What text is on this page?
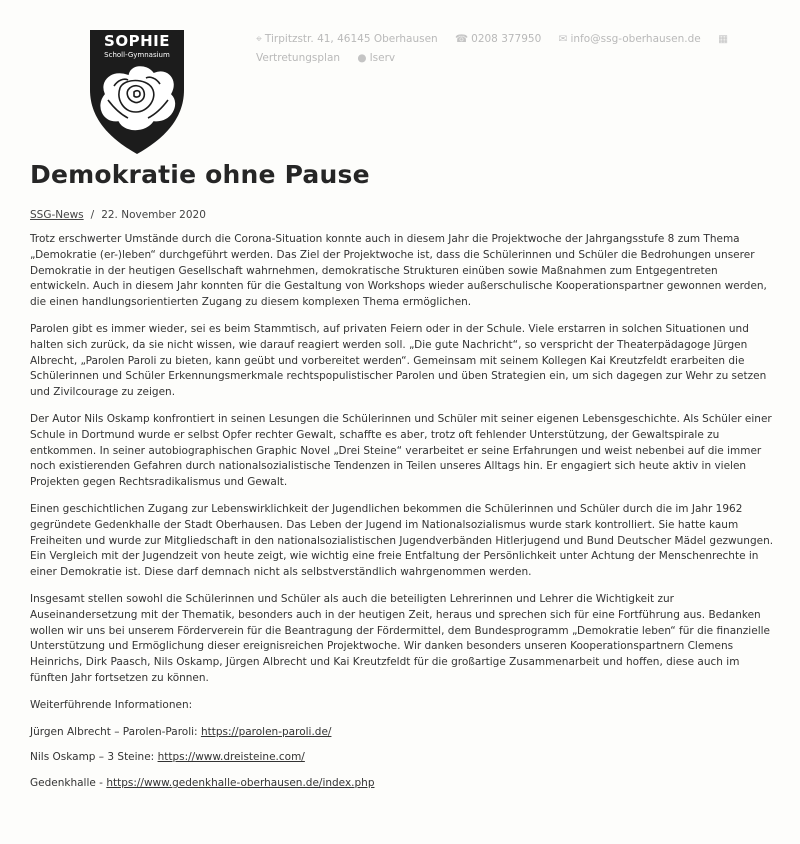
SOPHIE
Scholl-Gymnasium
⌖ Tirpitzstr. 41, 46145 Oberhausen ☎ 0208 377950 ✉ info@ssg-oberhausen.de ▦
Vertretungsplan ● Iserv
Demokratie ohne Pause
SSG-News / 22. November 2020

Trotz erschwerter Umstände durch die Corona-Situation konnte auch in diesem Jahr die Projektwoche der Jahrgangsstufe 8 zum Thema „Demokratie (er-)leben“ durchgeführt werden. Das Ziel der Projektwoche ist, dass die Schülerinnen und Schüler die Bedrohungen unserer Demokratie in der heutigen Gesellschaft wahrnehmen, demokratische Strukturen einüben sowie Maßnahmen zum Entgegentreten entwickeln. Auch in diesem Jahr konnten für die Gestaltung von Workshops wieder außerschulische Kooperationspartner gewonnen werden, die einen handlungsorientierten Zugang zu diesem komplexen Thema ermöglichen.

Parolen gibt es immer wieder, sei es beim Stammtisch, auf privaten Feiern oder in der Schule. Viele erstarren in solchen Situationen und halten sich zurück, da sie nicht wissen, wie darauf reagiert werden soll. „Die gute Nachricht“, so verspricht der Theaterpädagoge Jürgen Albrecht, „Parolen Paroli zu bieten, kann geübt und vorbereitet werden“. Gemeinsam mit seinem Kollegen Kai Kreutzfeldt erarbeiten die Schülerinnen und Schüler Erkennungsmerkmale rechtspopulistischer Parolen und üben Strategien ein, um sich dagegen zur Wehr zu setzen und Zivilcourage zu zeigen.

Der Autor Nils Oskamp konfrontiert in seinen Lesungen die Schülerinnen und Schüler mit seiner eigenen Lebensgeschichte. Als Schüler einer Schule in Dortmund wurde er selbst Opfer rechter Gewalt, schaffte es aber, trotz oft fehlender Unterstützung, der Gewaltspirale zu entkommen. In seiner autobiographischen Graphic Novel „Drei Steine“ verarbeitet er seine Erfahrungen und weist nebenbei auf die immer noch existierenden Gefahren durch nationalsozialistische Tendenzen in Teilen unseres Alltags hin. Er engagiert sich heute aktiv in vielen Projekten gegen Rechtsradikalismus und Gewalt.

Einen geschichtlichen Zugang zur Lebenswirklichkeit der Jugendlichen bekommen die Schülerinnen und Schüler durch die im Jahr 1962 gegründete Gedenkhalle der Stadt Oberhausen. Das Leben der Jugend im Nationalsozialismus wurde stark kontrolliert. Sie hatte kaum Freiheiten und wurde zur Mitgliedschaft in den nationalsozialistischen Jugendverbänden Hitlerjugend und Bund Deutscher Mädel gezwungen. Ein Vergleich mit der Jugendzeit von heute zeigt, wie wichtig eine freie Entfaltung der Persönlichkeit unter Achtung der Menschenrechte in einer Demokratie ist. Diese darf demnach nicht als selbstverständlich wahrgenommen werden.

Insgesamt stellen sowohl die Schülerinnen und Schüler als auch die beteiligten Lehrerinnen und Lehrer die Wichtigkeit zur Auseinandersetzung mit der Thematik, besonders auch in der heutigen Zeit, heraus und sprechen sich für eine Fortführung aus. Bedanken wollen wir uns bei unserem Förderverein für die Beantragung der Fördermittel, dem Bundesprogramm „Demokratie leben“ für die finanzielle Unterstützung und Ermöglichung dieser ereignisreichen Projektwoche. Wir danken besonders unseren Kooperationspartnern Clemens Heinrichs, Dirk Paasch, Nils Oskamp, Jürgen Albrecht und Kai Kreutzfeldt für die großartige Zusammenarbeit und hoffen, diese auch im fünften Jahr fortsetzen zu können.

Weiterführende Informationen:

Jürgen Albrecht – Parolen-Paroli: https://parolen-paroli.de/

Nils Oskamp – 3 Steine: https://www.dreisteine.com/

Gedenkhalle - https://www.gedenkhalle-oberhausen.de/index.php
